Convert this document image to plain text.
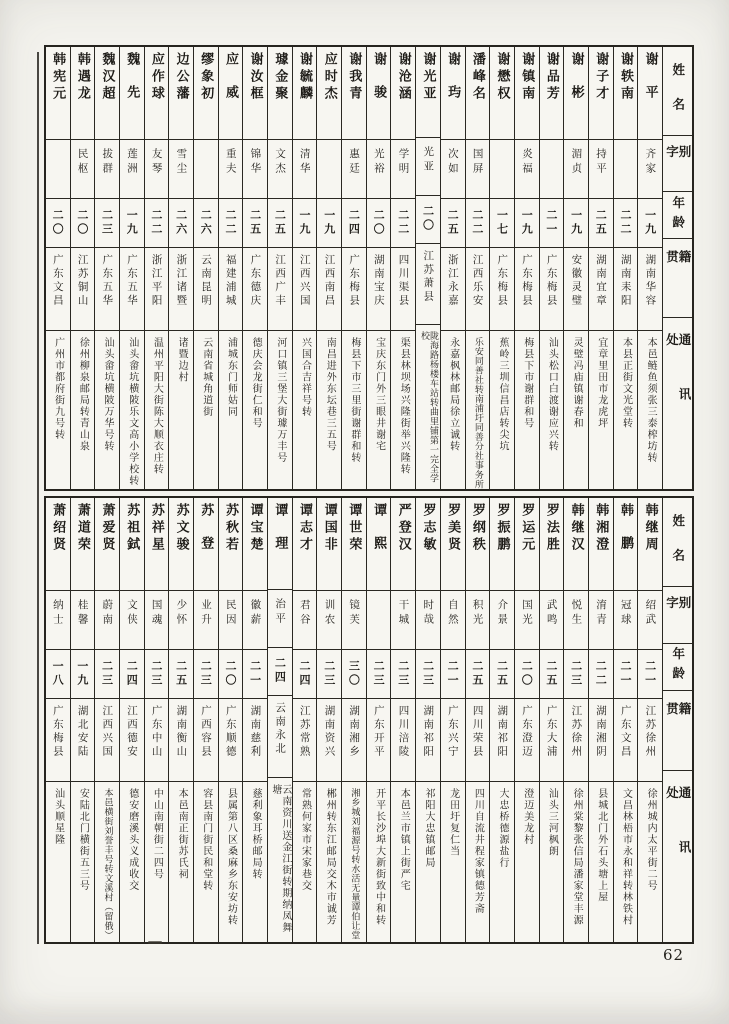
姓名
别字
年龄
籍贯
通讯处
谢平
齐家
一九
湖南华容
本邑鲢鱼须张三泰榨坊转
谢轶南
二二
湖南耒阳
本县正街文光堂转
谢子才
持平
二五
湖南宜章
宜章里田市龙虎坪
谢彬
湄贞
一九
安徽灵璧
灵璧冯庙镇谢春和
谢品芳
二一
广东梅县
汕头松口白渡谢应兴转
谢镇南
炎福
一九
广东梅县
梅县下市谢群和号
谢懋权
一七
广东梅县
蕉岭三圳信昌店转尖坑
潘峰名
国屏
二二
江西乐安
乐安同善社转南浦圩同善分社事务所
谢玙
次如
二五
浙江永嘉
永嘉枫林邮局徐立诚转
谢光亚
光亚
二〇
江苏萧县
陇海路杨楼车站转曲里铺第一完全学校
谢沧涵
学明
二二
四川渠县
渠县林坝场兴隆街举兴隆转
谢骏
光裕
二〇
湖南宝庆
宝庆东门外三眼井谢宅
谢我青
惠廷
二四
广东梅县
梅县下市三里街谢群和转
应时杰
一九
江西南昌
南昌进外东坛巷三五号
谢毓麟
清华
一九
江西兴国
兴国合吉祥号转
璩金聚
文杰
二五
江西广丰
河口镇三堡大街璩万丰号
谢汝框
锦华
二五
广东德庆
德庆会龙街仁和号
应威
重夫
二二
福建浦城
浦城东门师姑同
缪象初
二六
云南昆明
云南省城角道街
边公藩
雪尘
二六
浙江诸暨
诸暨边村
应作球
友琴
二二
浙江平阳
温州平阳大街陈大顺衣庄转
魏先
莲洲
一九
广东五华
汕头畲坑横陂乐文高小学校转
魏汉超
拔群
二三
广东五华
汕头畲坑横陂万华号转
韩遇龙
民枢
二〇
江苏铜山
徐州柳泉邮局转青山泉
韩宪元
二〇
广东文昌
广州市都府街九号转
姓名
别字
年龄
籍贯
通讯处
韩继周
绍武
二一
江苏徐州
徐州城内太平街二号
韩鹏
冠球
二一
广东文昌
文昌林梧市永和祥转林铁村
韩湘澄
淯青
二二
湖南湘阴
县城北门外石头塘上屋
韩继汉
悦生
二三
江苏徐州
徐州棠黎张信局潘家堂丰源
罗法胜
武鸣
二五
广东大浦
汕头三河枫朗
罗运元
国光
二〇
广东澄迈
澄迈美龙村
罗振鹏
介景
二五
湖南祁阳
大忠桥德源盐行
罗纲秩
积光
二五
四川荣县
四川自流井程家镇德芳斋
罗美贤
自然
二一
广东兴宁
龙田圩复仁当
罗志敏
时哉
二三
湖南祁阳
祁阳大忠镇邮局
严登汉
干城
二三
四川涪陵
本邑兰市镇上街严宅
谭熙
二三
广东开平
开平长沙埠大新街致中和转
谭世荣
镜芙
三〇
湖南湘乡
湘乡城刘福源号转水活无量谭伯让堂
谭国非
训农
二三
湖南资兴
郴州转东江邮局交木市诚芳
谭志才
君谷
二四
江苏常熟
常熟何家市宋家巷交
谭理
治平
二四
云南永北
云南资川送金江街转期纳凤舞塘
谭宝楚
徽薪
二一
湖南慈利
慈利象耳桥邮局转
苏秋若
民因
二〇
广东顺德
县属第八区桑麻乡东安坊转
苏登
业升
二三
广西容县
容县南门街民和堂转
苏文骏
少怀
二五
湖南衡山
本邑南正街苏氏祠
苏祥星
国魂
二三
广东中山
中山南朝街二四号
苏祖鉽
文侠
二四
江西德安
德安磨溪头义成收交
萧爱贤
蔚南
二三
江西兴国
本邑横街刘誉丰号转文溪村（留俄）
萧道荣
桂馨
一九
湖北安陆
安陆北门横街五三号
萧绍贤
纳士
一八
广东梅县
汕头顺星隆
62
